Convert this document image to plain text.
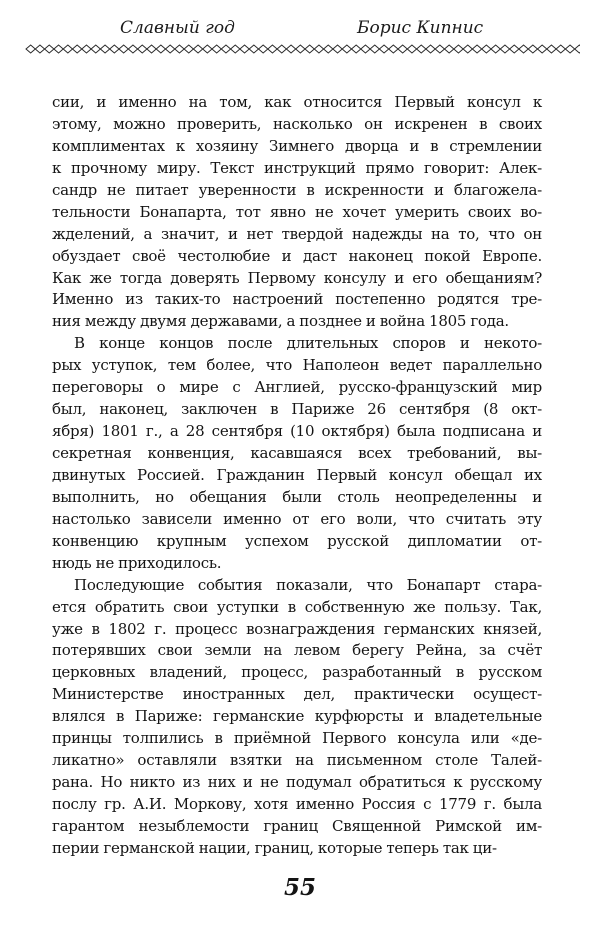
Славный год	Борис Кипнис
сии, и именно на том, как относится Первый консул к
этому, можно проверить, насколько он искренен в своих
комплиментах к хозяину Зимнего дворца и в стремлении
к прочному миру. Текст инструкций прямо говорит: Алек-
сандр не питает уверенности в искренности и благожела-
тельности Бонапарта, тот явно не хочет умерить своих во-
жделений, а значит, и нет твердой надежды на то, что он
обуздает своё честолюбие и даст наконец покой Европе.
Как же тогда доверять Первому консулу и его обещаниям?
Именно из таких-то настроений постепенно родятся тре-
ния между двумя державами, а позднее и война 1805 года.
В конце концов после длительных споров и некото-
рых уступок, тем более, что Наполеон ведет параллельно
переговоры о мире с Англией, русско-французский мир
был, наконец, заключен в Париже 26 сентября (8 окт-
ября) 1801 г., а 28 сентября (10 октября) была подписана и
секретная конвенция, касавшаяся всех требований, вы-
двинутых Россией. Гражданин Первый консул обещал их
выполнить, но обещания были столь неопределенны и
настолько зависели именно от его воли, что считать эту
конвенцию крупным успехом русской дипломатии от-
нюдь не приходилось.
Последующие события показали, что Бонапарт старa-
ется обратить свои уступки в собственную же пользу. Так,
уже в 1802 г. процесс вознаграждения германских князей,
потерявших свои земли на левом берегу Рейна, за счёт
церковных владений, процесс, разработанный в русском
Министерстве иностранных дел, практически осущест-
влялся в Париже: германские курфюрсты и владетельные
принцы толпились в приёмной Первого консула или «де-
ликатно» оставляли взятки на письменном столе Талей-
рана. Но никто из них и не подумал обратиться к русскому
послу гр. А.И. Моркову, хотя именно Россия с 1779 г. была
гарантом незыблемости границ Священной Римской им-
перии германской нации, границ, которые теперь так ци-
55
